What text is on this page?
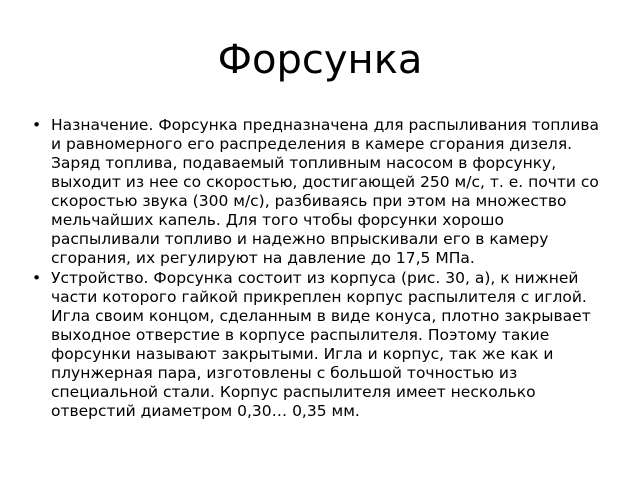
Форсунка
• Назначение. Форсунка предназначена для распыливания топлива и равномерного его распределения в камере сгорания дизеля. Заряд топлива, подаваемый топливным насосом в форсунку, выходит из нее со скоростью, достигающей 250 м/с, т. е. почти со скоростью звука (300 м/с), разбиваясь при этом на множество мельчайших капель. Для того чтобы форсунки хорошо распыливали топливо и надежно впрыскивали его в камеру сгорания, их регулируют на давление до 17,5 МПа.
• Устройство. Форсунка состоит из корпуса (рис. 30, а), к нижней части которого гайкой прикреплен корпус распылителя с иглой. Игла своим концом, сделанным в виде конуса, плотно закрывает выходное отверстие в корпусе распылителя. Поэтому такие форсунки называют закрытыми. Игла и корпус, так же как и плунжерная пара, изготовлены с большой точностью из специальной стали. Корпус распылителя имеет несколько отверстий диаметром 0,30… 0,35 мм.
